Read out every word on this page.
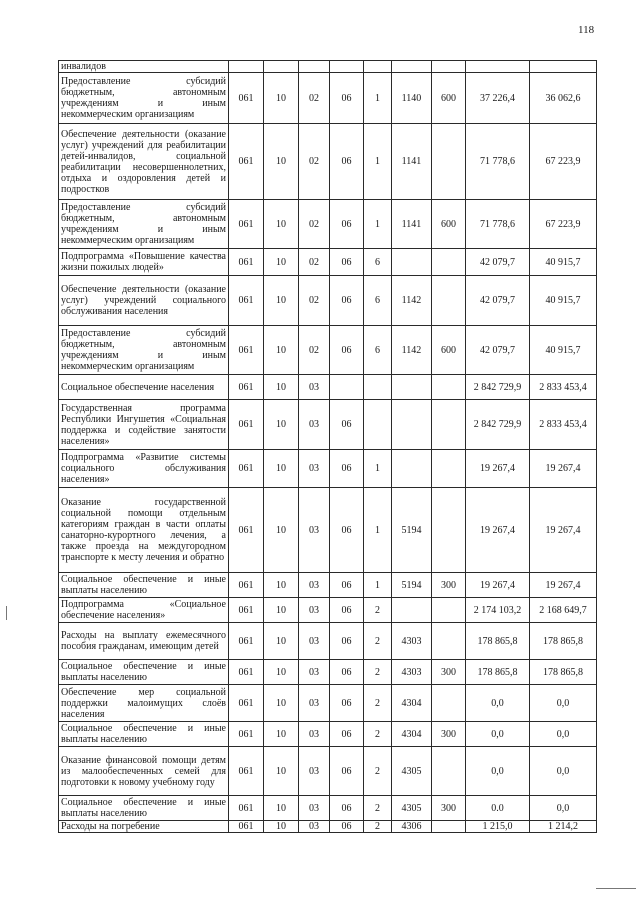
118
инвалидов									
Предоставление субсидий бюджетным, автономным учреждениям и иным некоммерческим организациям	061	10	02	06	1	1140	600	37 226,4	36 062,6
Обеспечение деятельности (оказание услуг) учреждений для реабилитации детей-инвалидов, социальной реабилитации несовершеннолетних, отдыха и оздоровления детей и подростков	061	10	02	06	1	1141		71 778,6	67 223,9
Предоставление субсидий бюджетным, автономным учреждениям и иным некоммерческим организациям	061	10	02	06	1	1141	600	71 778,6	67 223,9
Подпрограмма «Повышение качества жизни пожилых людей»	061	10	02	06	6			42 079,7	40 915,7
Обеспечение деятельности (оказание услуг) учреждений социального обслуживания населения	061	10	02	06	6	1142		42 079,7	40 915,7
Предоставление субсидий бюджетным, автономным учреждениям и иным некоммерческим организациям	061	10	02	06	6	1142	600	42 079,7	40 915,7
Социальное обеспечение населения	061	10	03					2 842 729,9	2 833 453,4
Государственная программа Республики Ингушетия «Социальная поддержка и содействие занятости населения»	061	10	03	06				2 842 729,9	2 833 453,4
Подпрограмма «Развитие системы социального обслуживания населения»	061	10	03	06	1			19 267,4	19 267,4
Оказание государственной социальной помощи отдельным категориям граждан в части оплаты санаторно-курортного лечения, а также проезда на междугородном транспорте к месту лечения и обратно	061	10	03	06	1	5194		19 267,4	19 267,4
Социальное обеспечение и иные выплаты населению	061	10	03	06	1	5194	300	19 267,4	19 267,4
Подпрограмма «Социальное обеспечение населения»	061	10	03	06	2			2 174 103,2	2 168 649,7
Расходы на выплату ежемесячного пособия гражданам, имеющим детей	061	10	03	06	2	4303		178 865,8	178 865,8
Социальное обеспечение и иные выплаты населению	061	10	03	06	2	4303	300	178 865,8	178 865,8
Обеспечение мер социальной поддержки малоимущих слоёв населения	061	10	03	06	2	4304		0,0	0,0
Социальное обеспечение и иные выплаты населению	061	10	03	06	2	4304	300	0,0	0,0
Оказание финансовой помощи детям из малообеспеченных семей для подготовки к новому учебному году	061	10	03	06	2	4305		0,0	0,0
Социальное обеспечение и иные выплаты населению	061	10	03	06	2	4305	300	0.0	0,0
Расходы на погребение	061	10	03	06	2	4306		1 215,0	1 214,2
